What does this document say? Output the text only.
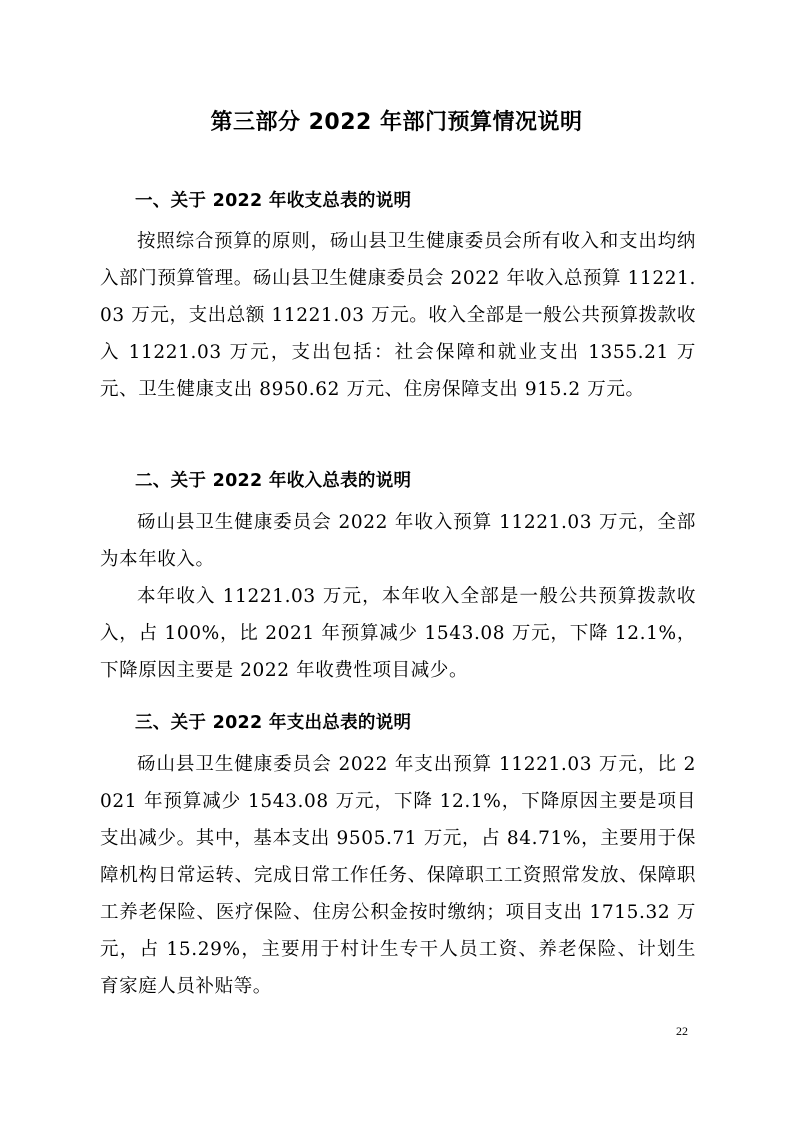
第三部分 2022 年部门预算情况说明
一、关于 2022 年收支总表的说明
按照综合预算的原则，砀山县卫生健康委员会所有收入和支出均纳入部门预算管理。砀山县卫生健康委员会 2022 年收入总预算 11221.03 万元，支出总额 11221.03 万元。收入全部是一般公共预算拨款收入 11221.03 万元，支出包括：社会保障和就业支出 1355.21 万元、卫生健康支出 8950.62 万元、住房保障支出 915.2 万元。
二、关于 2022 年收入总表的说明
砀山县卫生健康委员会 2022 年收入预算 11221.03 万元，全部为本年收入。
本年收入 11221.03 万元，本年收入全部是一般公共预算拨款收入，占 100%，比 2021 年预算减少 1543.08 万元，下降 12.1%，下降原因主要是 2022 年收费性项目减少。
三、关于 2022 年支出总表的说明
砀山县卫生健康委员会 2022 年支出预算 11221.03 万元，比 2021 年预算减少 1543.08 万元，下降 12.1%，下降原因主要是项目支出减少。其中，基本支出 9505.71 万元，占 84.71%，主要用于保障机构日常运转、完成日常工作任务、保障职工工资照常发放、保障职工养老保险、医疗保险、住房公积金按时缴纳；项目支出 1715.32 万元，占 15.29%，主要用于村计生专干人员工资、养老保险、计划生育家庭人员补贴等。
22
